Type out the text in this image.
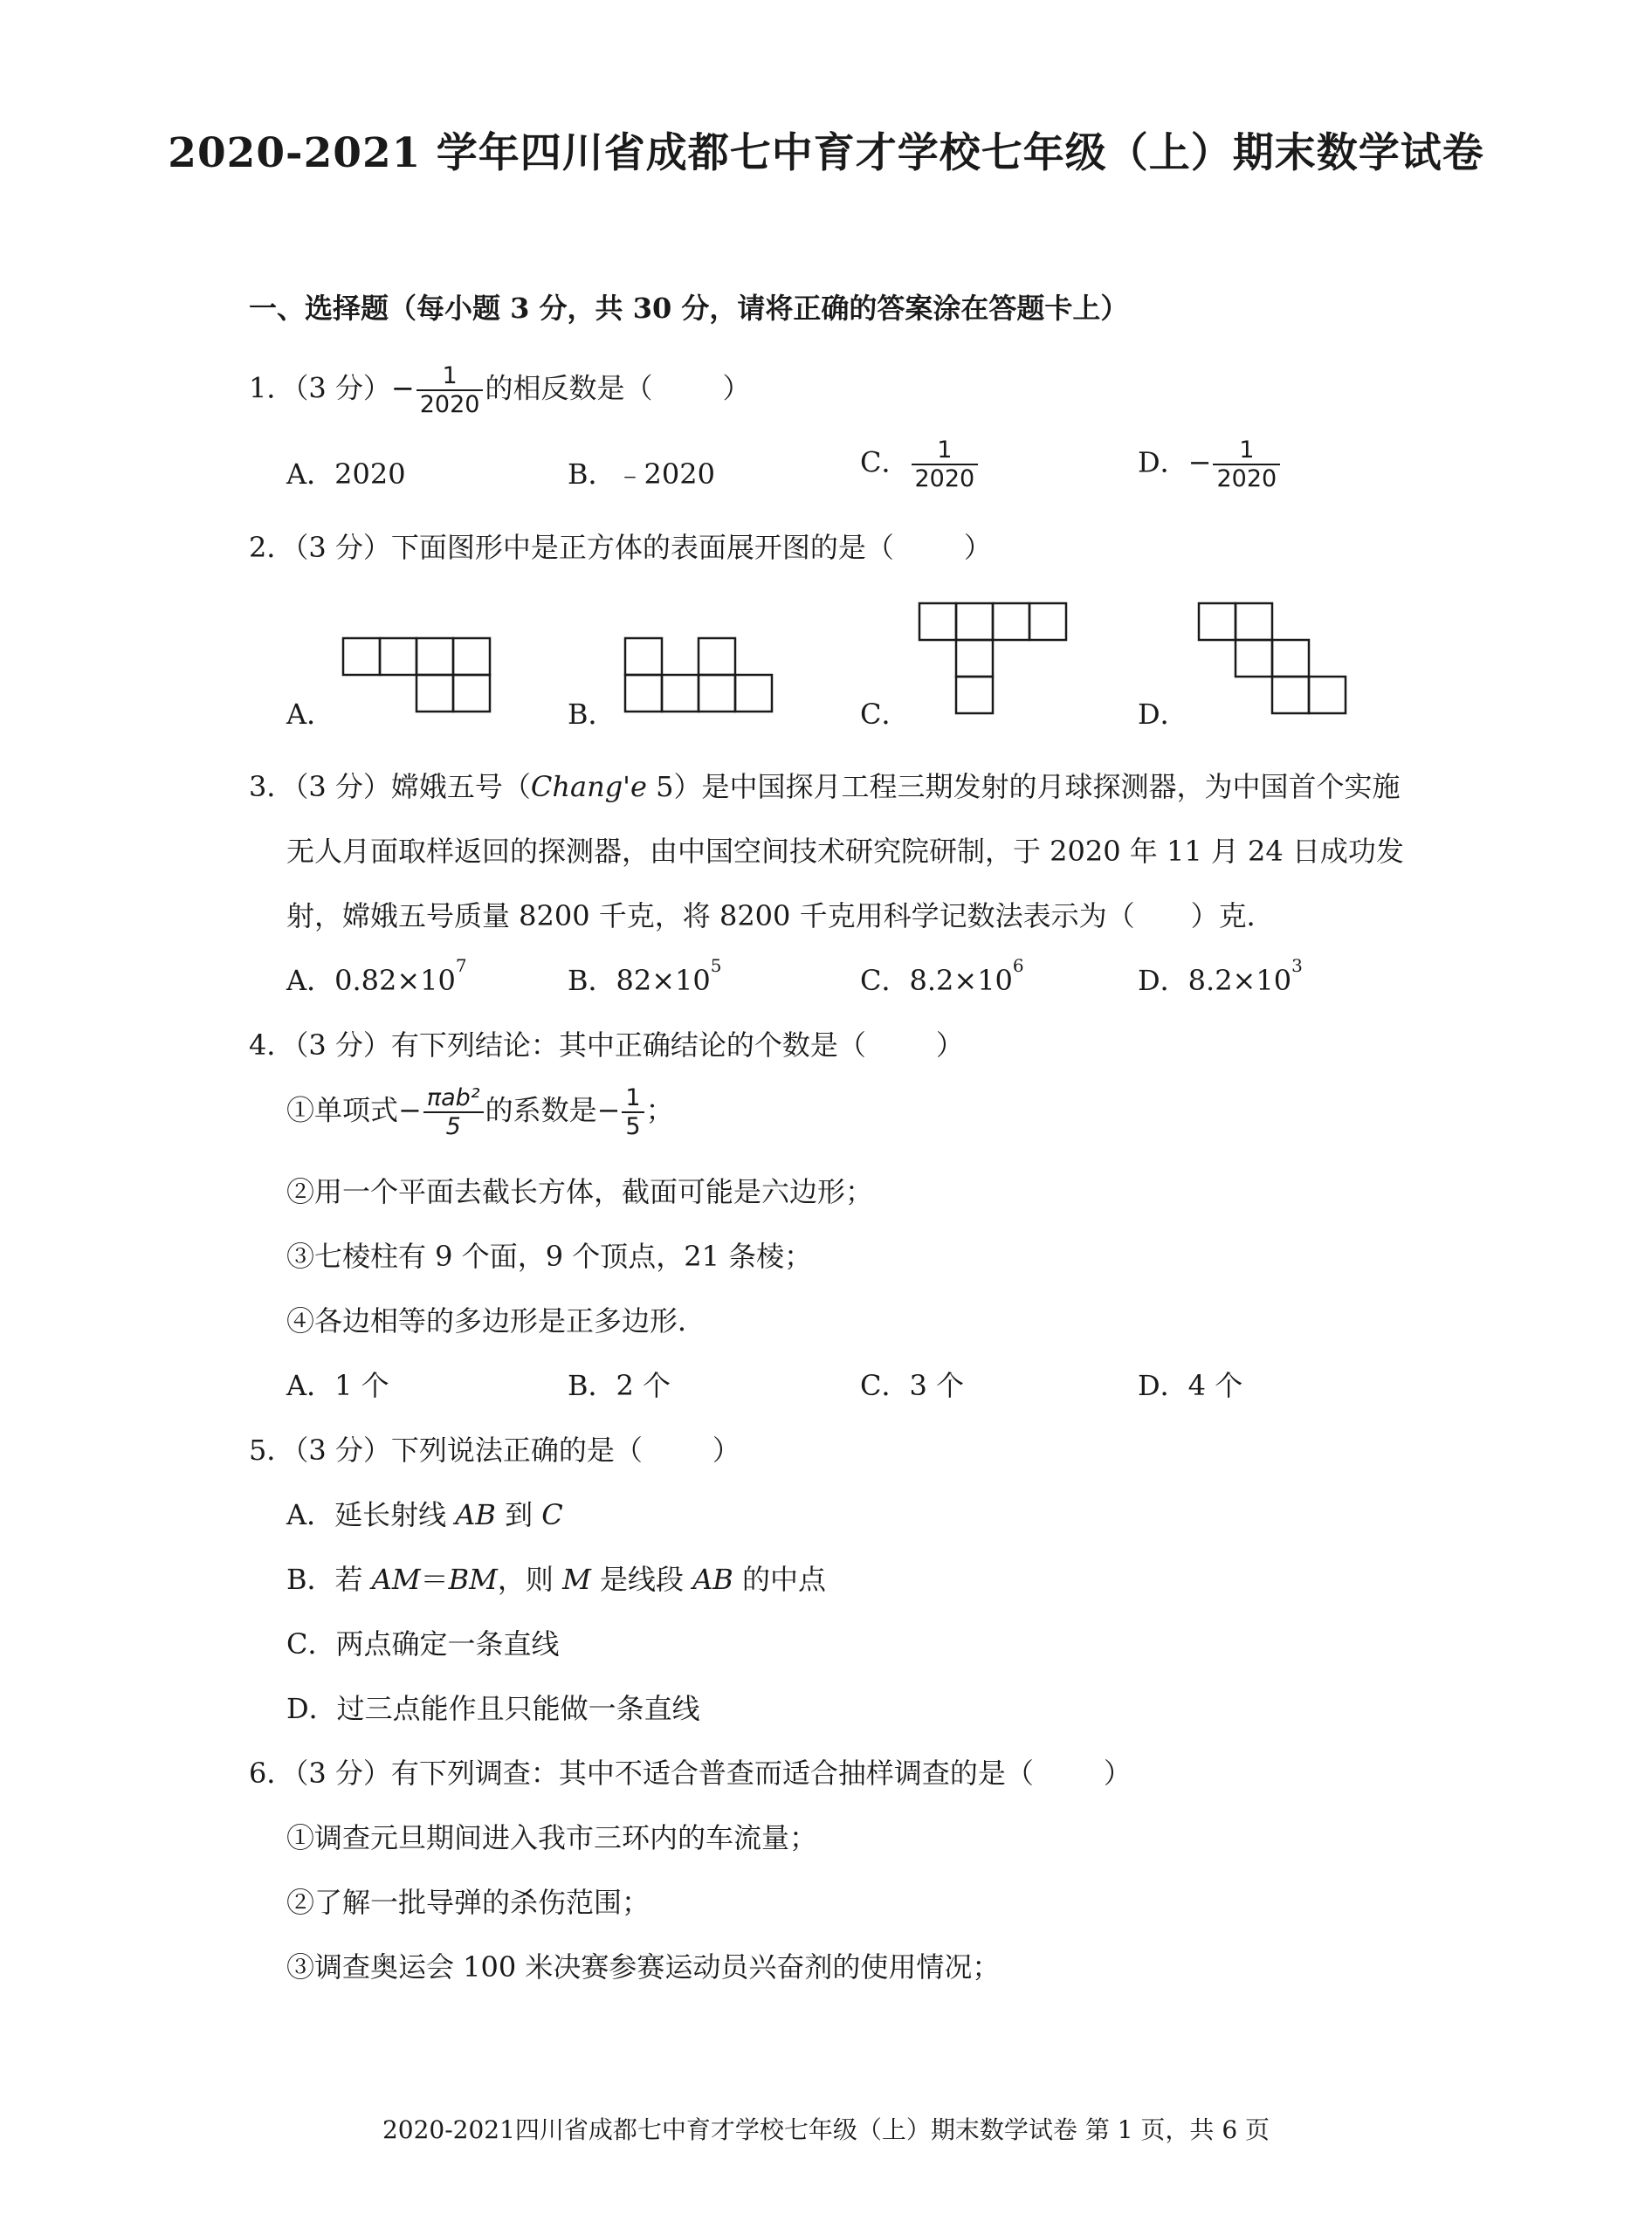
2020-2021 学年四川省成都七中育才学校七年级（上）期末数学试卷
一、选择题（每小题 3 分，共 30 分，请将正确的答案涂在答题卡上）
1．（3 分）− $\frac{1}{2020}$ 的相反数是（	）
A．2020	B．﹣2020	C． $\frac{1}{2020}$	D．− $\frac{1}{2020}$
2．（3 分）下面图形中是正方体的表面展开图的是（	）
A．	B．	C．	D．
3．（3 分）嫦娥五号（Chang'e 5）是中国探月工程三期发射的月球探测器，为中国首个实施
无人月面取样返回的探测器，由中国空间技术研究院研制，于 2020 年 11 月 24 日成功发
射，嫦娥五号质量 8200 千克，将 8200 千克用科学记数法表示为（　　）克．
A．$0.82\times 10^7$	B．$82\times 10^5$	C．$8.2\times 10^6$	D．$8.2\times 10^3$
4．（3 分）有下列结论：其中正确结论的个数是（	）
①单项式− $\frac{\text{πab²}}{5}$ 的系数是− $\frac{1}{5}$ ；
②用一个平面去截长方体，截面可能是六边形；
③七棱柱有 9 个面，9 个顶点，21 条棱；
④各边相等的多边形是正多边形．
A．1 个	B．2 个	C．3 个	D．4 个
5．（3 分）下列说法正确的是（	）
A．延长射线 AB 到 C
B．若 AM＝BM，则 M 是线段 AB 的中点
C．两点确定一条直线
D．过三点能作且只能做一条直线
6．（3 分）有下列调查：其中不适合普查而适合抽样调查的是（	）
①调查元旦期间进入我市三环内的车流量；
②了解一批导弹的杀伤范围；
③调查奥运会 100 米决赛参赛运动员兴奋剂的使用情况；
2020-2021四川省成都七中育才学校七年级（上）期末数学试卷 第 1 页，共 6 页
